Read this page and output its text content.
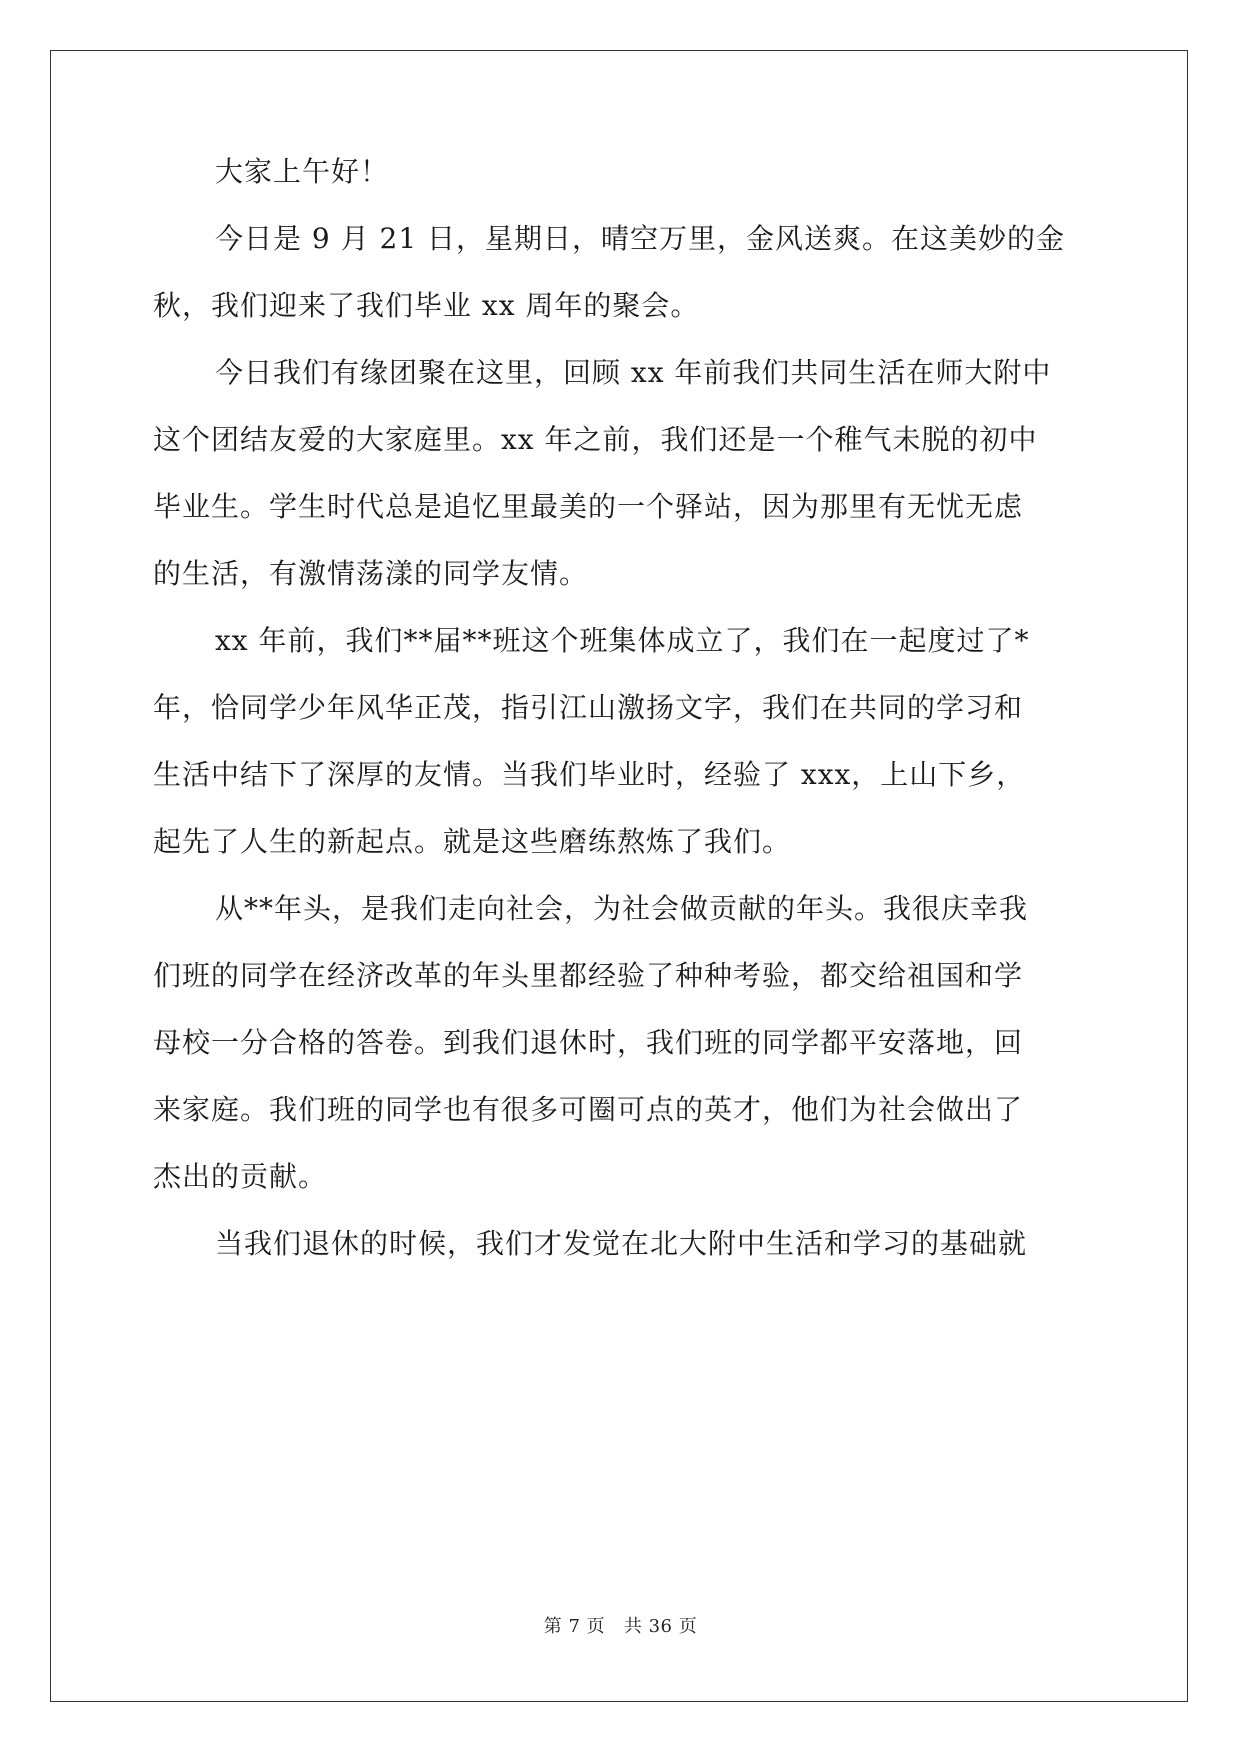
大家上午好！
今日是 9 月 21 日，星期日，晴空万里，金风送爽。在这美妙的金
秋，我们迎来了我们毕业 xx 周年的聚会。
今日我们有缘团聚在这里，回顾 xx 年前我们共同生活在师大附中
这个团结友爱的大家庭里。xx 年之前，我们还是一个稚气未脱的初中
毕业生。学生时代总是追忆里最美的一个驿站，因为那里有无忧无虑
的生活，有激情荡漾的同学友情。
xx 年前，我们**届**班这个班集体成立了，我们在一起度过了*
年，恰同学少年风华正茂，指引江山激扬文字，我们在共同的学习和
生活中结下了深厚的友情。当我们毕业时，经验了 xxx，上山下乡，
起先了人生的新起点。就是这些磨练熬炼了我们。
从**年头，是我们走向社会，为社会做贡献的年头。我很庆幸我
们班的同学在经济改革的年头里都经验了种种考验，都交给祖国和学
母校一分合格的答卷。到我们退休时，我们班的同学都平安落地，回
来家庭。我们班的同学也有很多可圈可点的英才，他们为社会做出了
杰出的贡献。
当我们退休的时候，我们才发觉在北大附中生活和学习的基础就
第 7 页 共 36 页
